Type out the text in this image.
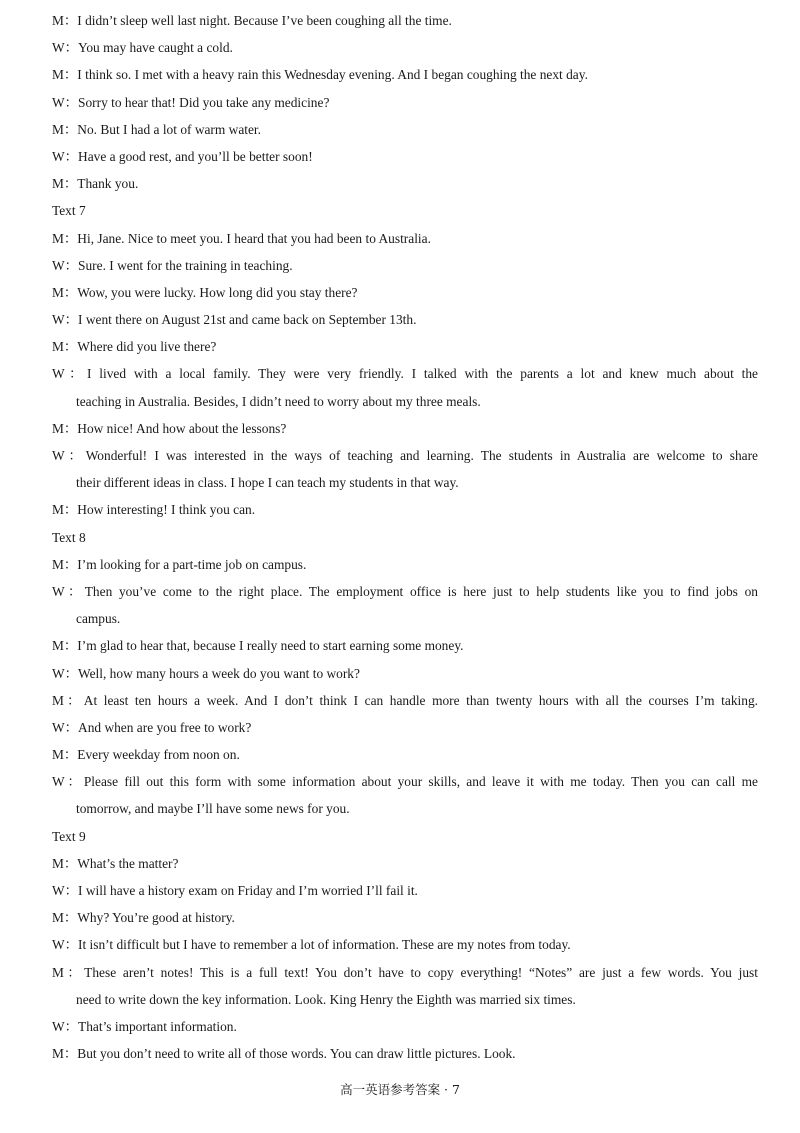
M：I didn’t sleep well last night. Because I’ve been coughing all the time.
W：You may have caught a cold.
M：I think so. I met with a heavy rain this Wednesday evening. And I began coughing the next day.
W：Sorry to hear that! Did you take any medicine?
M：No. But I had a lot of warm water.
W：Have a good rest, and you’ll be better soon!
M：Thank you.
Text 7
M：Hi, Jane. Nice to meet you. I heard that you had been to Australia.
W：Sure. I went for the training in teaching.
M：Wow, you were lucky. How long did you stay there?
W：I went there on August 21st and came back on September 13th.
M：Where did you live there?
W：I lived with a local family. They were very friendly. I talked with the parents a lot and knew much about the
teaching in Australia. Besides, I didn’t need to worry about my three meals.
M：How nice! And how about the lessons?
W：Wonderful! I was interested in the ways of teaching and learning. The students in Australia are welcome to share
their different ideas in class. I hope I can teach my students in that way.
M：How interesting! I think you can.
Text 8
M：I’m looking for a part-time job on campus.
W：Then you’ve come to the right place. The employment office is here just to help students like you to find jobs on
campus.
M：I’m glad to hear that, because I really need to start earning some money.
W：Well, how many hours a week do you want to work?
M：At least ten hours a week. And I don’t think I can handle more than twenty hours with all the courses I’m taking.
W：And when are you free to work?
M：Every weekday from noon on.
W：Please fill out this form with some information about your skills, and leave it with me today. Then you can call me
tomorrow, and maybe I’ll have some news for you.
Text 9
M：What’s the matter?
W：I will have a history exam on Friday and I’m worried I’ll fail it.
M：Why? You’re good at history.
W：It isn’t difficult but I have to remember a lot of information. These are my notes from today.
M：These aren’t notes! This is a full text! You don’t have to copy everything! “Notes” are just a few words. You just
need to write down the key information. Look. King Henry the Eighth was married six times.
W：That’s important information.
M：But you don’t need to write all of those words. You can draw little pictures. Look.
高一英语参考答案 · 7
